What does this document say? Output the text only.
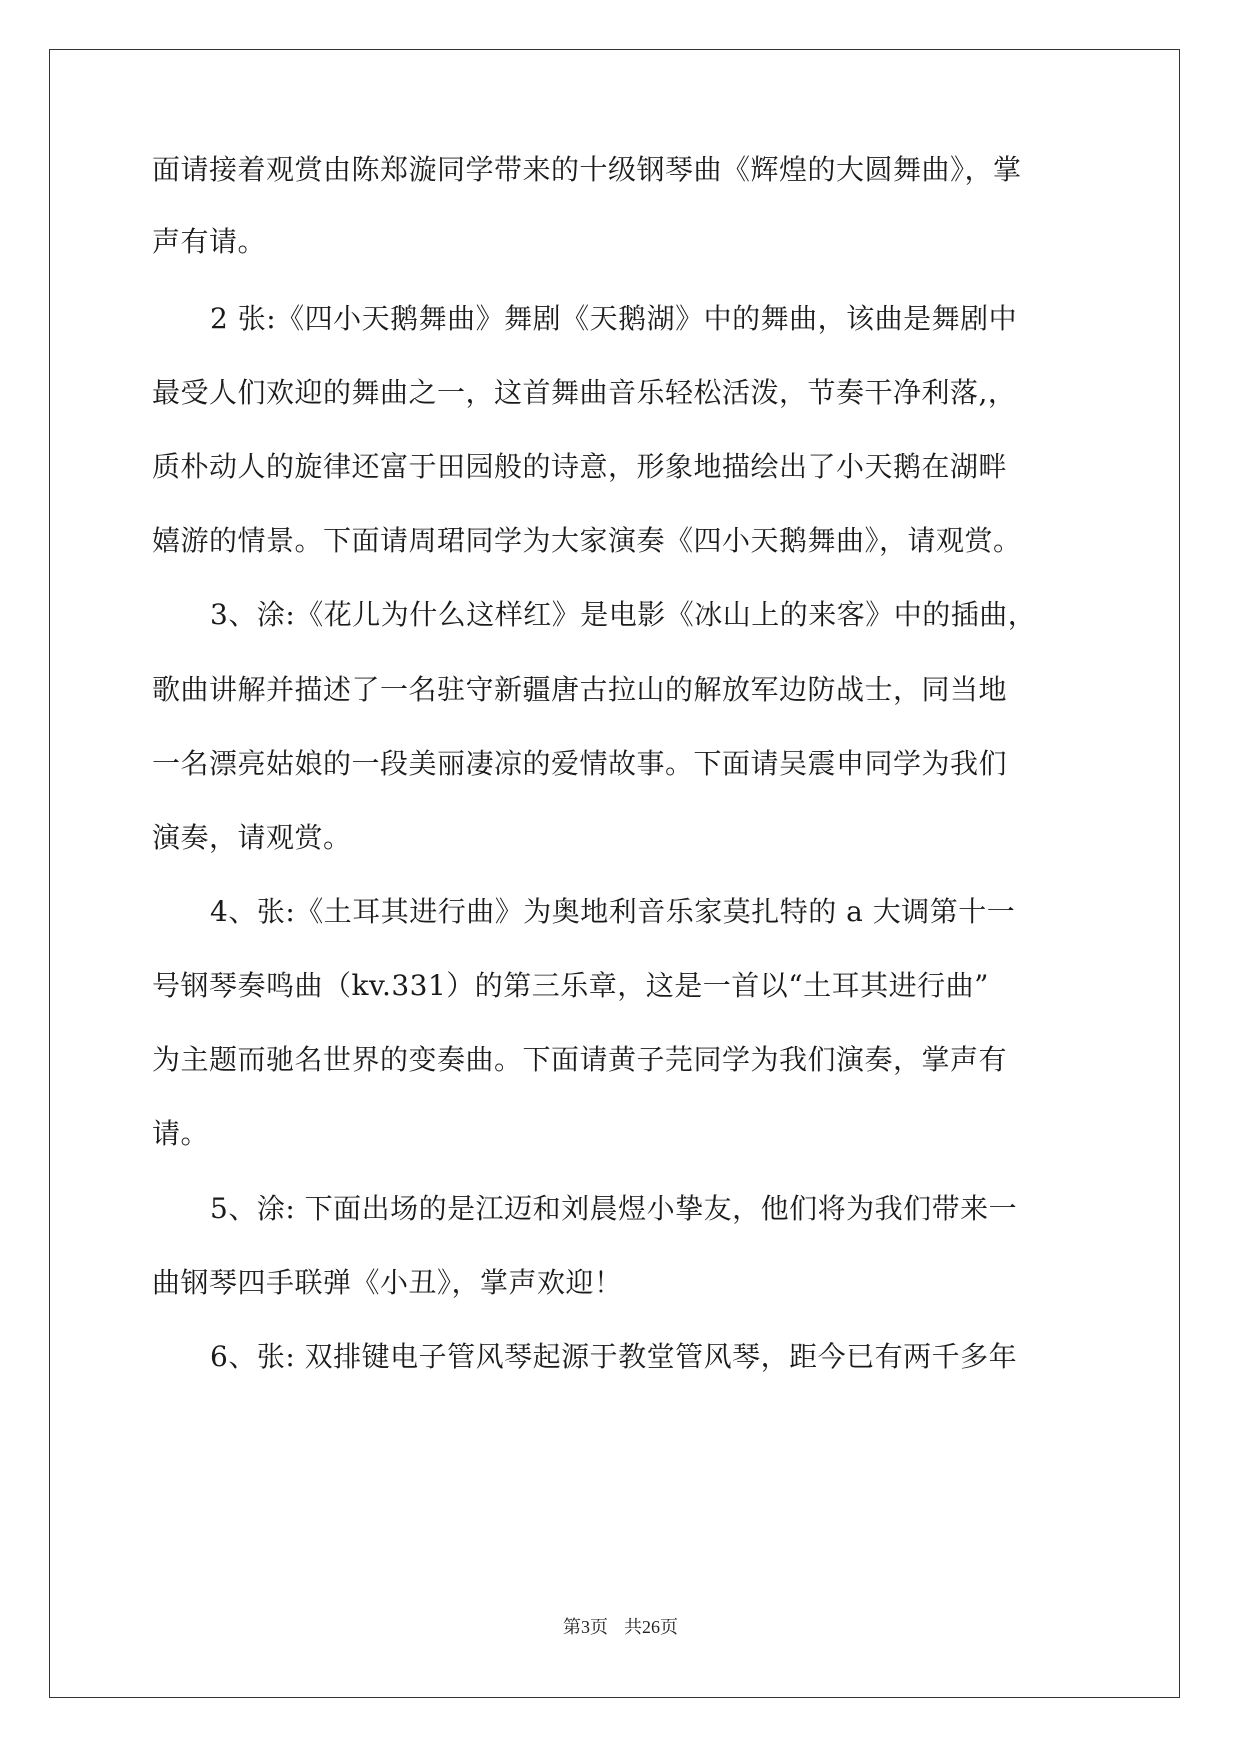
面请接着观赏由陈郑漩同学带来的十级钢琴曲《辉煌的大圆舞曲》，掌
声有请。
2 张:《四小天鹅舞曲》舞剧《天鹅湖》中的舞曲，该曲是舞剧中
最受人们欢迎的舞曲之一，这首舞曲音乐轻松活泼，节奏干净利落,，
质朴动人的旋律还富于田园般的诗意，形象地描绘出了小天鹅在湖畔
嬉游的情景。下面请周珺同学为大家演奏《四小天鹅舞曲》，请观赏。
3、涂:《花儿为什么这样红》是电影《冰山上的来客》中的插曲，
歌曲讲解并描述了一名驻守新疆唐古拉山的解放军边防战士，同当地
一名漂亮姑娘的一段美丽凄凉的爱情故事。下面请吴震申同学为我们
演奏，请观赏。
4、张:《土耳其进行曲》为奥地利音乐家莫扎特的 a 大调第十一
号钢琴奏鸣曲（kv.331）的第三乐章，这是一首以“土耳其进行曲”
为主题而驰名世界的变奏曲。下面请黄子芫同学为我们演奏，掌声有
请。
5、涂: 下面出场的是江迈和刘晨煜小挚友，他们将为我们带来一
曲钢琴四手联弹《小丑》，掌声欢迎！
6、张: 双排键电子管风琴起源于教堂管风琴，距今已有两千多年
第3页 共26页
